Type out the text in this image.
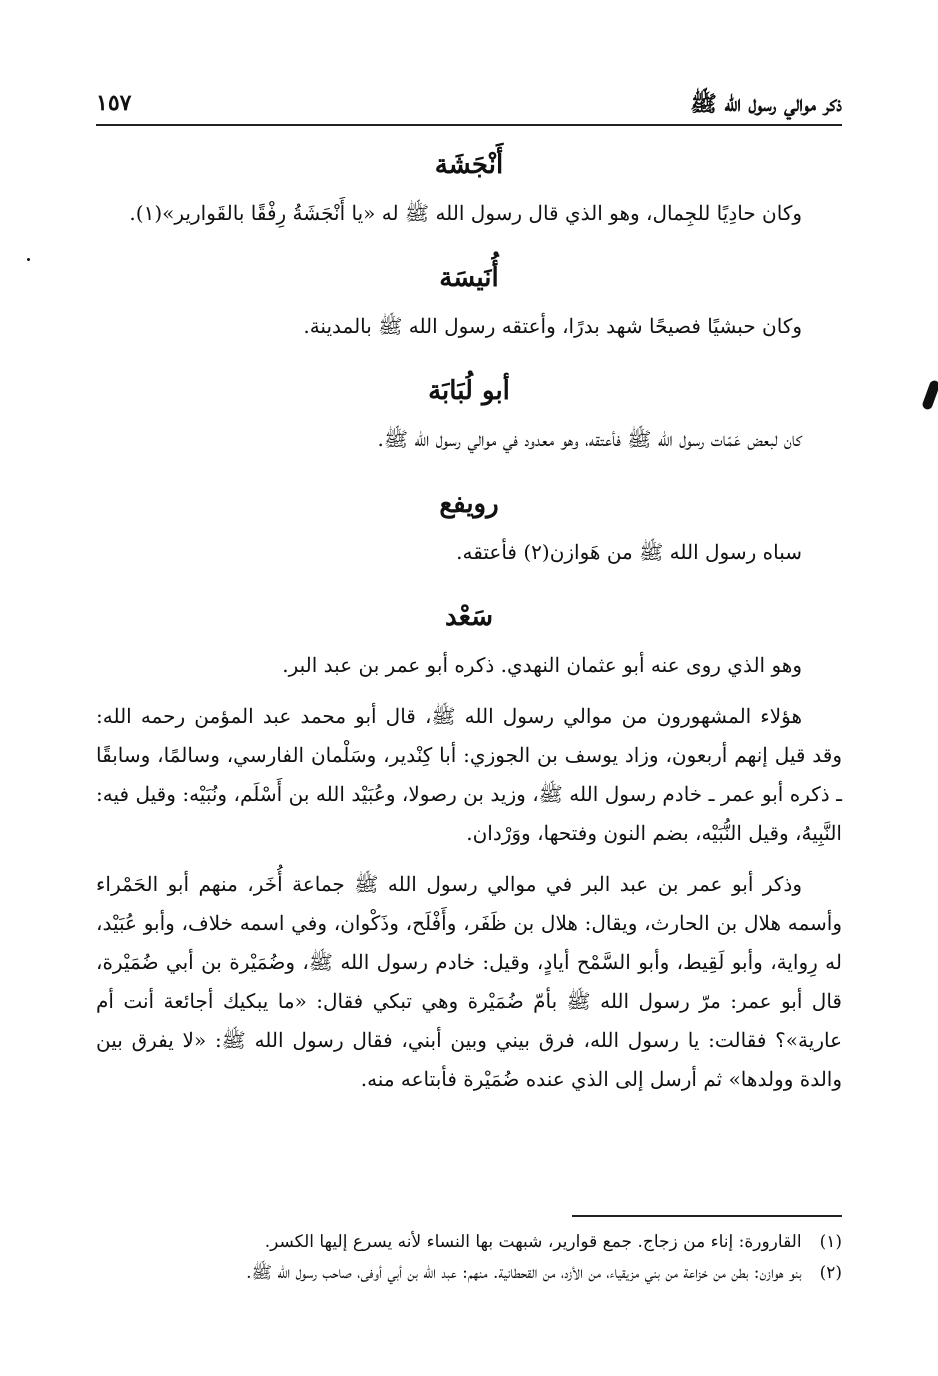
ذكر موالي رسول الله ﷺ
١٥٧
أَنْجَشَة
وكان حادِيًا للجِمال، وهو الذي قال رسول الله ﷺ له «يا أَنْجَشَةُ رِفْقًا بالقَوارير»(١).
أُنَيسَة
وكان حبشيًا فصيحًا شهد بدرًا، وأعتقه رسول الله ﷺ بالمدينة.
أبو لُبَابَة
كان لبعض عَمّات رسول الله ﷺ فأعتقه، وهو معدود في موالي رسول الله ﷺ.
رويفع
سباه رسول الله ﷺ من هَوازن(٢) فأعتقه.
سَعْد
وهو الذي روى عنه أبو عثمان النهدي. ذكره أبو عمر بن عبد البر.
هؤلاء المشهورون من موالي رسول الله ﷺ، قال أبو محمد عبد المؤمن رحمه الله: وقد قيل إنهم أربعون، وزاد يوسف بن الجوزي: أبا كِنْدير، وسَلْمان الفارسي، وسالمًا، وسابقًا ـ ذكره أبو عمر ـ خادم رسول الله ﷺ، وزيد بن رصولا، وعُبَيْد الله بن أَسْلَم، ونُبَيْه: وقيل فيه: النَّبِيهُ، وقيل النُّبَيْه، بضم النون وفتحها، ووَرْدان.
وذكر أبو عمر بن عبد البر في موالي رسول الله ﷺ جماعة أُخَر، منهم أبو الحَمْراء وأسمه هلال بن الحارث، ويقال: هلال بن ظَفَر، وأَفْلَح، وذَكْوان، وفي اسمه خلاف، وأبو عُبَيْد، له رِواية، وأبو لَقِيط، وأبو السَّمْح أيادٍ، وقيل: خادم رسول الله ﷺ، وضُمَيْرة بن أبي ضُمَيْرة، قال أبو عمر: مرّ رسول الله ﷺ بأمّ ضُمَيْرة وهي تبكي فقال: «ما يبكيك أجائعة أنت أم عارية»؟ فقالت: يا رسول الله، فرق بيني وبين أبني، فقال رسول الله ﷺ: «لا يفرق بين والدة وولدها» ثم أرسل إلى الذي عنده ضُمَيْرة فأبتاعه منه.
(١)
القارورة: إناء من زجاج. جمع قوارير، شبهت بها النساء لأنه يسرع إليها الكسر.
(٢)
بنو هوازن: بطن من خزاعة من بني مزيقياء، من الأزد، من القحطانية. منهم: عبد الله بن أبي أوفى، صاحب رسول الله ﷺ.
